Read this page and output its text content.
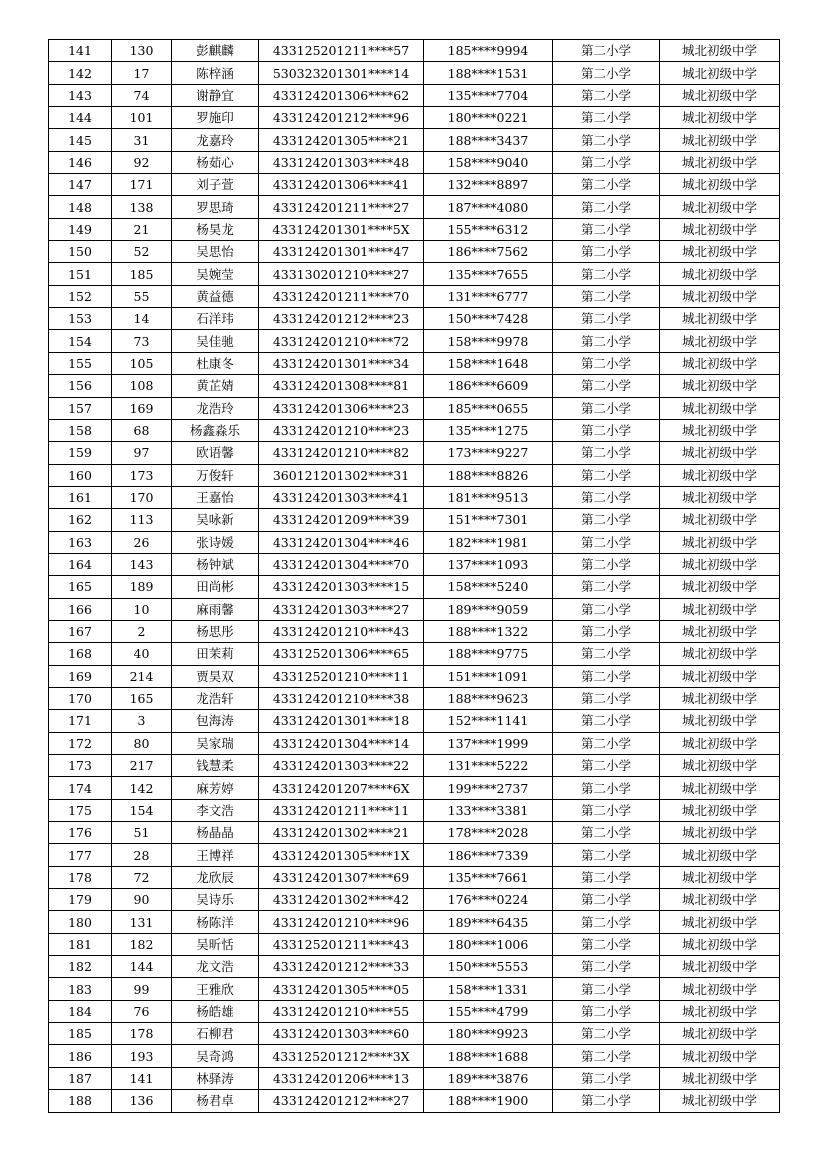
141	130	彭麒麟	433125201211****57	185****9994	第二小学	城北初级中学
142	17	陈梓涵	530323201301****14	188****1531	第二小学	城北初级中学
143	74	谢静宜	433124201306****62	135****7704	第二小学	城北初级中学
144	101	罗施印	433124201212****96	180****0221	第二小学	城北初级中学
145	31	龙嘉玲	433124201305****21	188****3437	第二小学	城北初级中学
146	92	杨茹心	433124201303****48	158****9040	第二小学	城北初级中学
147	171	刘子萱	433124201306****41	132****8897	第二小学	城北初级中学
148	138	罗思琦	433124201211****27	187****4080	第二小学	城北初级中学
149	21	杨昊龙	433124201301****5X	155****6312	第二小学	城北初级中学
150	52	吴思怡	433124201301****47	186****7562	第二小学	城北初级中学
151	185	吴婉莹	433130201210****27	135****7655	第二小学	城北初级中学
152	55	黄益德	433124201211****70	131****6777	第二小学	城北初级中学
153	14	石洋玮	433124201212****23	150****7428	第二小学	城北初级中学
154	73	吴佳驰	433124201210****72	158****9978	第二小学	城北初级中学
155	105	杜康冬	433124201301****34	158****1648	第二小学	城北初级中学
156	108	黄芷婧	433124201308****81	186****6609	第二小学	城北初级中学
157	169	龙浩玲	433124201306****23	185****0655	第二小学	城北初级中学
158	68	杨鑫淼乐	433124201210****23	135****1275	第二小学	城北初级中学
159	97	欧语馨	433124201210****82	173****9227	第二小学	城北初级中学
160	173	万俊轩	360121201302****31	188****8826	第二小学	城北初级中学
161	170	王嘉怡	433124201303****41	181****9513	第二小学	城北初级中学
162	113	吴咏新	433124201209****39	151****7301	第二小学	城北初级中学
163	26	张诗媛	433124201304****46	182****1981	第二小学	城北初级中学
164	143	杨钟斌	433124201304****70	137****1093	第二小学	城北初级中学
165	189	田尚彬	433124201303****15	158****5240	第二小学	城北初级中学
166	10	麻雨馨	433124201303****27	189****9059	第二小学	城北初级中学
167	2	杨思彤	433124201210****43	188****1322	第二小学	城北初级中学
168	40	田茉莉	433125201306****65	188****9775	第二小学	城北初级中学
169	214	贾昊双	433125201210****11	151****1091	第二小学	城北初级中学
170	165	龙浩轩	433124201210****38	188****9623	第二小学	城北初级中学
171	3	包海涛	433124201301****18	152****1141	第二小学	城北初级中学
172	80	吴家瑞	433124201304****14	137****1999	第二小学	城北初级中学
173	217	钱慧柔	433124201303****22	131****5222	第二小学	城北初级中学
174	142	麻芳婷	433124201207****6X	199****2737	第二小学	城北初级中学
175	154	李文浩	433124201211****11	133****3381	第二小学	城北初级中学
176	51	杨晶晶	433124201302****21	178****2028	第二小学	城北初级中学
177	28	王博祥	433124201305****1X	186****7339	第二小学	城北初级中学
178	72	龙欣辰	433124201307****69	135****7661	第二小学	城北初级中学
179	90	吴诗乐	433124201302****42	176****0224	第二小学	城北初级中学
180	131	杨陈洋	433124201210****96	189****6435	第二小学	城北初级中学
181	182	吴昕恬	433125201211****43	180****1006	第二小学	城北初级中学
182	144	龙文浩	433124201212****33	150****5553	第二小学	城北初级中学
183	99	王雅欣	433124201305****05	158****1331	第二小学	城北初级中学
184	76	杨皓雄	433124201210****55	155****4799	第二小学	城北初级中学
185	178	石柳君	433124201303****60	180****9923	第二小学	城北初级中学
186	193	吴奇鸿	433125201212****3X	188****1688	第二小学	城北初级中学
187	141	林驿涛	433124201206****13	189****3876	第二小学	城北初级中学
188	136	杨君卓	433124201212****27	188****1900	第二小学	城北初级中学
